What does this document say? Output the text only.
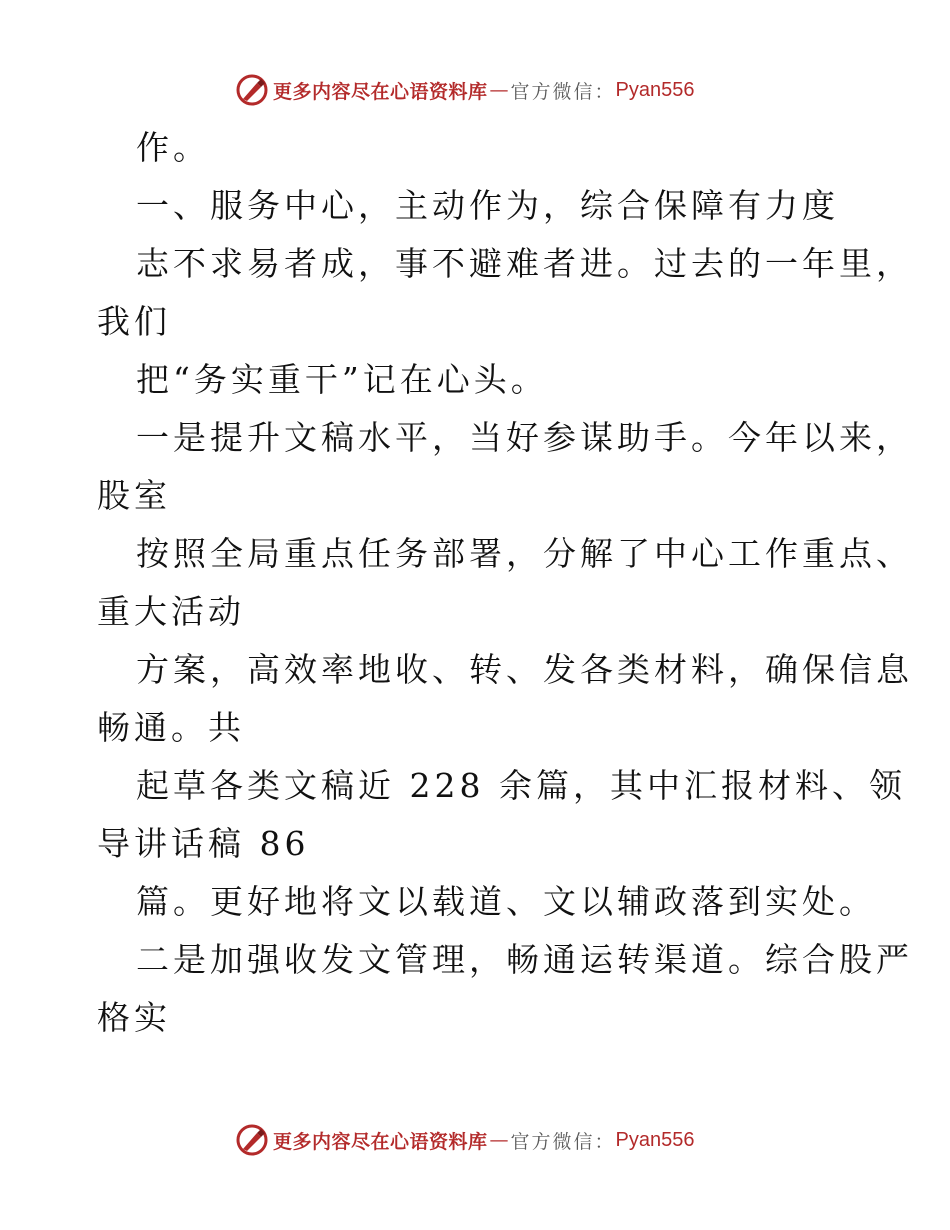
更多内容尽在心语资料库 — 官方微信： Pyan556
作。
一、服务中心，主动作为，综合保障有力度
志不求易者成，事不避难者进。过去的一年里，
我们
把“务实重干”记在心头。
一是提升文稿水平，当好参谋助手。今年以来，
股室
按照全局重点任务部署，分解了中心工作重点、
重大活动
方案，高效率地收、转、发各类材料，确保信息
畅通。共
起草各类文稿近 228 余篇，其中汇报材料、领
导讲话稿 86
篇。更好地将文以载道、文以辅政落到实处。
二是加强收发文管理，畅通运转渠道。综合股严
格实
更多内容尽在心语资料库 — 官方微信： Pyan556
